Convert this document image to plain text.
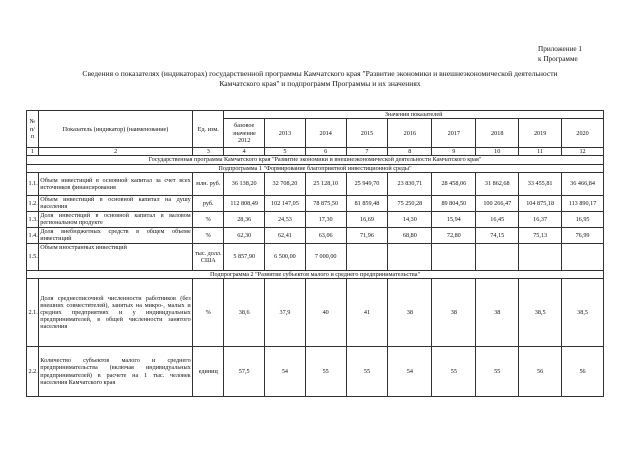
Приложение 1
к Программе
Сведения о показателях (индикаторах) государственной программы Камчатского края "Развитие экономики и внешнеэкономической деятельности
Камчатского края" и подпрограмм Программы и их значениях
№ п/п	Показатель (индикатор) (наименование)	Ед. изм.	Значения показателей								
			базовое значение 2012	2013	2014	2015	2016	2017	2018	2019	2020
1	2	3	4	5	6	7	8	9	10	11	12
Государственная программа Камчатского края "Развитие экономики и внешнеэкономической деятельности Камчатского края"											
Подпрограмма 1 "Формирование благоприятной инвестиционной среды"											
1.1.	Объем инвестиций в основной капитал за счет всех источников финансирования	млн. руб.	36 138,20	32 708,20	25 128,10	25 949,70	23 830,71	28 458,06	31 862,68	33 455,81	36 466,84
1.2.	Объем инвестиций в основной капитал на душу населения	руб.	112 808,49	102 147,05	78 875,50	81 859,48	75 250,28	89 804,50	100 266,47	104 875,18	113 890,17
1.3.	Доля инвестиций в основной капитал в валовом региональном продукте	%	28,36	24,53	17,30	16,69	14,30	15,94	16,45	16,37	16,95
1.4.	Доля внебюджетных средств в общем объеме инвестиций	%	62,30	62,41	63,06	71,96	68,80	72,80	74,15	75,13	76,99
1.5.	Объем иностранных инвестиций	тыс. долл. США	5 857,90	6 500,00	7 000,00						
Подпрограмма 2 "Развитие субъектов малого и среднего предпринимательства"											
2.1.	Доля среднесписочной численности работников (без внешних совместителей), занятых на микро-, малых и средних предприятиях и у индивидуальных предпринимателей, в общей численности занятого населения	%	38,6	37,9	40	41	38	38	38	38,5	38,5
2.2.	Количество субъектов малого и среднего предпринимательства (включая индивидуальных предпринимателей) в расчете на 1 тыс. человек населения Камчатского края	единиц	57,5	54	55	55	54	55	55	56	56
